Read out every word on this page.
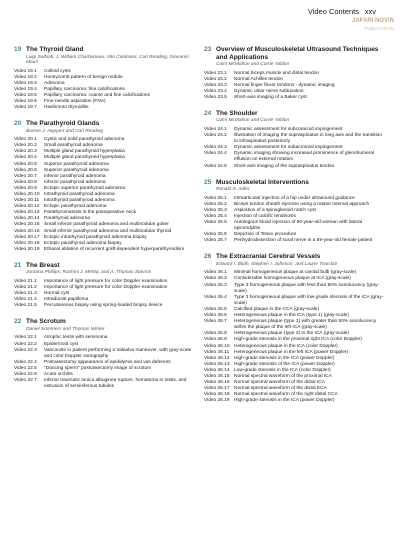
Video Contents xxv
JAFARI NOVIN
PUBLICATION
19 The Thyroid Gland
Luigi Solbiati, J. William Charboneau, Vito Cantisani, Carl Reading, Giovanni Mauri
Video 19.1	Colloid cysts
Video 19.2	Honeycomb pattern of benign nodule
Video 19.3	Adenoma
Video 19.4	Papillary carcinoma: fine calcifications
Video 19.5	Papillary carcinoma: coarse and fine calcifications
Video 19.6	Fine-needle aspiration (FNA)
Video 19.7	Hashimoto thyroiditis
20 The Parathyroid Glands
Bonnie J. Huppert and Carl Reading
Video 20.1	Cystic and solid parathyroid adenoma
Video 20.2	Small parathyroid adenoma
Video 20.3	Multiple gland parathyroid hyperplasia
Video 20.4	Multiple gland parathyroid hyperplasia
Video 20.5	Superior parathyroid adenoma
Video 20.6	Superior parathyroid adenoma
Video 20.7	Inferior parathyroid adenoma
Video 20.8	Inferior parathyroid adenoma
Video 20.9	Ectopic superior parathyroid adenoma
Video 20.10 Intrathyroid parathyroid adenoma
Video 20.11	Intrathyroid parathyroid adenoma
Video 20.12 Ectopic parathyroid adenoma
Video 20.13 Parathyromatosis in the postoperative neck
Video 20.14 Parathyroid adenoma
Video 20.15 Small inferior parathyroid adenoma and multinodular goiter
Video 20.16 Small inferior parathyroid adenoma and multinodular thyroid
Video 20.17 Ectopic intrathyroid parathyroid adenoma biopsy
Video 20.18 Ectopic parathyroid adenoma biopsy
Video 20.19 Ethanol ablation of recurrent graft-dependent hyperparathyroidism
21 The Breast
Jordana Phillips, Rashmi J. Mehta, and A. Thomas Stavros
Video 21.1	Importance of light pressure for color Doppler examination
Video 21.2	Importance of light pressure for color Doppler examination
Video 21.3	Normal cyst
Video 21.4	Intraductal papilloma
Video 21.5	Percutaneous biopsy using spring-loaded biopsy device
22 The Scrotum
Daniel Sommers and Thomas Winter
Video 22.1	Atrophic testis with seminoma
Video 22.2	Epidermoid cyst
Video 22.3	Varicocele in patient performing a Valsalva maneuver, with gray-scale and color Doppler sonography
Video 22.4	Postvasectomy appearance of epididymis and vas deferens
Video 22.5	"Dancing sperm" postvasectomy image of scrotum
Video 22.6	Acute orchitis
Video 22.7	Inferior traumatic tunica albuginea rupture, hematoma in testis, and extrusion of seminiferous tubules
23 Overview of Musculoskeletal Ultrasound Techniques and Applications
Colm McMahon and Corrie Yablon
Video 23.1	Normal biceps muscle and distal tendon
Video 23.2	Normal Achilles tendon
Video 23.3	Normal finger flexor tendons - dynamic imaging
Video 23.4	Dynamic ulnar nerve subluxation
Video 23.5	Short-axis imaging of a Baker cyst
24 The Shoulder
Colm McMahon and Corrie Yablon
Video 24.1	Dynamic assessment for subcoracoid impingement
Video 24.2	Illustration of imaging the supraspinatus in long axis and the transition to infraspinatus posteriorly
Video 24.3	Dynamic assessment for subacromial impingement
Video 24.4	Dynamic imaging showing increased prominence of glenohumeral effusion on external rotation
Video 24.5	Short-axis imaging of the supraspinatus tendon
25 Musculoskeletal Interventions
Ronald S. Adler
Video 25.1	Intraarticular injection of a hip under ultrasound guidance
Video 25.2	Biceps tendon sheath injection using a rotator interval approach
Video 25.3	Aspiration of a spinoglenoid notch cyst
Video 25.4	Injection of calcific tendinosis
Video 25.5	Autologous blood injection of 50-year-old woman with lateral epicondylitis
Video 25.6	Depiction of Tenex procedure
Video 25.7	Perihydrodissection of sural nerve in a 59-year-old female patient
26 The Extracranial Cerebral Vessels
Edward I. Bluth, Stephen I. Johnson, and Laurie Troxclair
Video 26.1	Minimal homogeneous plaque at carotid bulb (gray-scale)
Video 26.2	Considerable homogeneous plaque at ICA (gray-scale)
Video 26.3	Type 3 homogeneous plaque with less than 50% sonolucency (gray-scale)
Video 26.4	Type 3 homogeneous plaque with low-grade stenosis of the ICA (gray-scale)
Video 26.5	Calcified plaque in the CCA (gray-scale)
Video 26.6	Heterogeneous plaque in the ICA (type 1) (gray-scale)
Video 26.7	Heterogeneous plaque (type 1) with greater than 50% sonolucency within the plaque of the left ICA (gray-scale)
Video 26.8	Heterogeneous plaque (type 2) in the ICA (gray-scale)
Video 26.9	High-grade stenosis in the proximal right ICA (color Doppler)
Video 26.10 Heterogeneous plaque in the ICA (color Doppler)
Video 26.11	Heterogeneous plaque in the left ICA (power Doppler)
Video 26.12 High-grade stenosis in the ICA (power Doppler)
Video 26.13 High-grade stenosis of the ICA (power Doppler)
Video 26.14 Low-grade stenosis in the ICA (color Doppler)
Video 26.15 Normal spectral waveform of the proximal ICA
Video 26.16 Normal spectral waveform of the distal ICA
Video 26.17 Normal spectral waveform of the distal ECA
Video 26.18 Normal spectral waveform of the right distal CCA
Video 26.19 High-grade stenosis in the ICA (power Doppler)
